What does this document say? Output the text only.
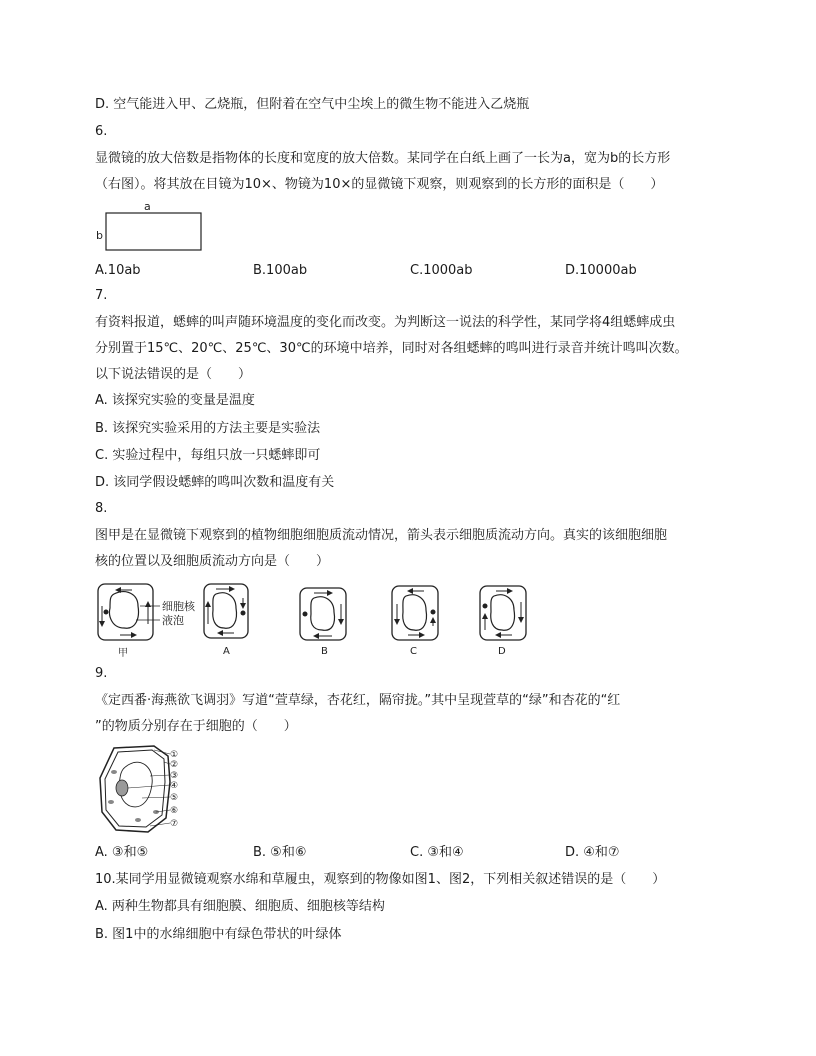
D. 空气能进入甲、乙烧瓶，但附着在空气中尘埃上的微生物不能进入乙烧瓶
6.
显微镜的放大倍数是指物体的长度和宽度的放大倍数。某同学在白纸上画了一长为a，宽为b的长方形
（右图）。将其放在目镜为10×、物镜为10×的显微镜下观察，则观察到的长方形的面积是（　　）
a
b
A.10ab	B.100ab	C.1000ab	D.10000ab
7.
有资料报道，蟋蟀的叫声随环境温度的变化而改变。为判断这一说法的科学性，某同学将4组蟋蟀成虫
分别置于15℃、20℃、25℃、30℃的环境中培养，同时对各组蟋蟀的鸣叫进行录音并统计鸣叫次数。
以下说法错误的是（　　）
A. 该探究实验的变量是温度
B. 该探究实验采用的方法主要是实验法
C. 实验过程中，每组只放一只蟋蟀即可
D. 该同学假设蟋蟀的鸣叫次数和温度有关
8.
图甲是在显微镜下观察到的植物细胞细胞质流动情况，箭头表示细胞质流动方向。真实的该细胞细胞
核的位置以及细胞质流动方向是（　　）
细胞核
液泡
甲	A	B	C	D
9.
《定西番·海燕欲飞调羽》写道“萱草绿，杏花红，隔帘拢。”其中呈现萱草的“绿”和杏花的“红
”的物质分别存在于细胞的（　　）
①
②
③
④
⑤
⑥
⑦
A. ③和⑤	B. ⑤和⑥	C. ③和④	D. ④和⑦
10.某同学用显微镜观察水绵和草履虫，观察到的物像如图1、图2，下列相关叙述错误的是（　　）
A. 两种生物都具有细胞膜、细胞质、细胞核等结构
B. 图1中的水绵细胞中有绿色带状的叶绿体
